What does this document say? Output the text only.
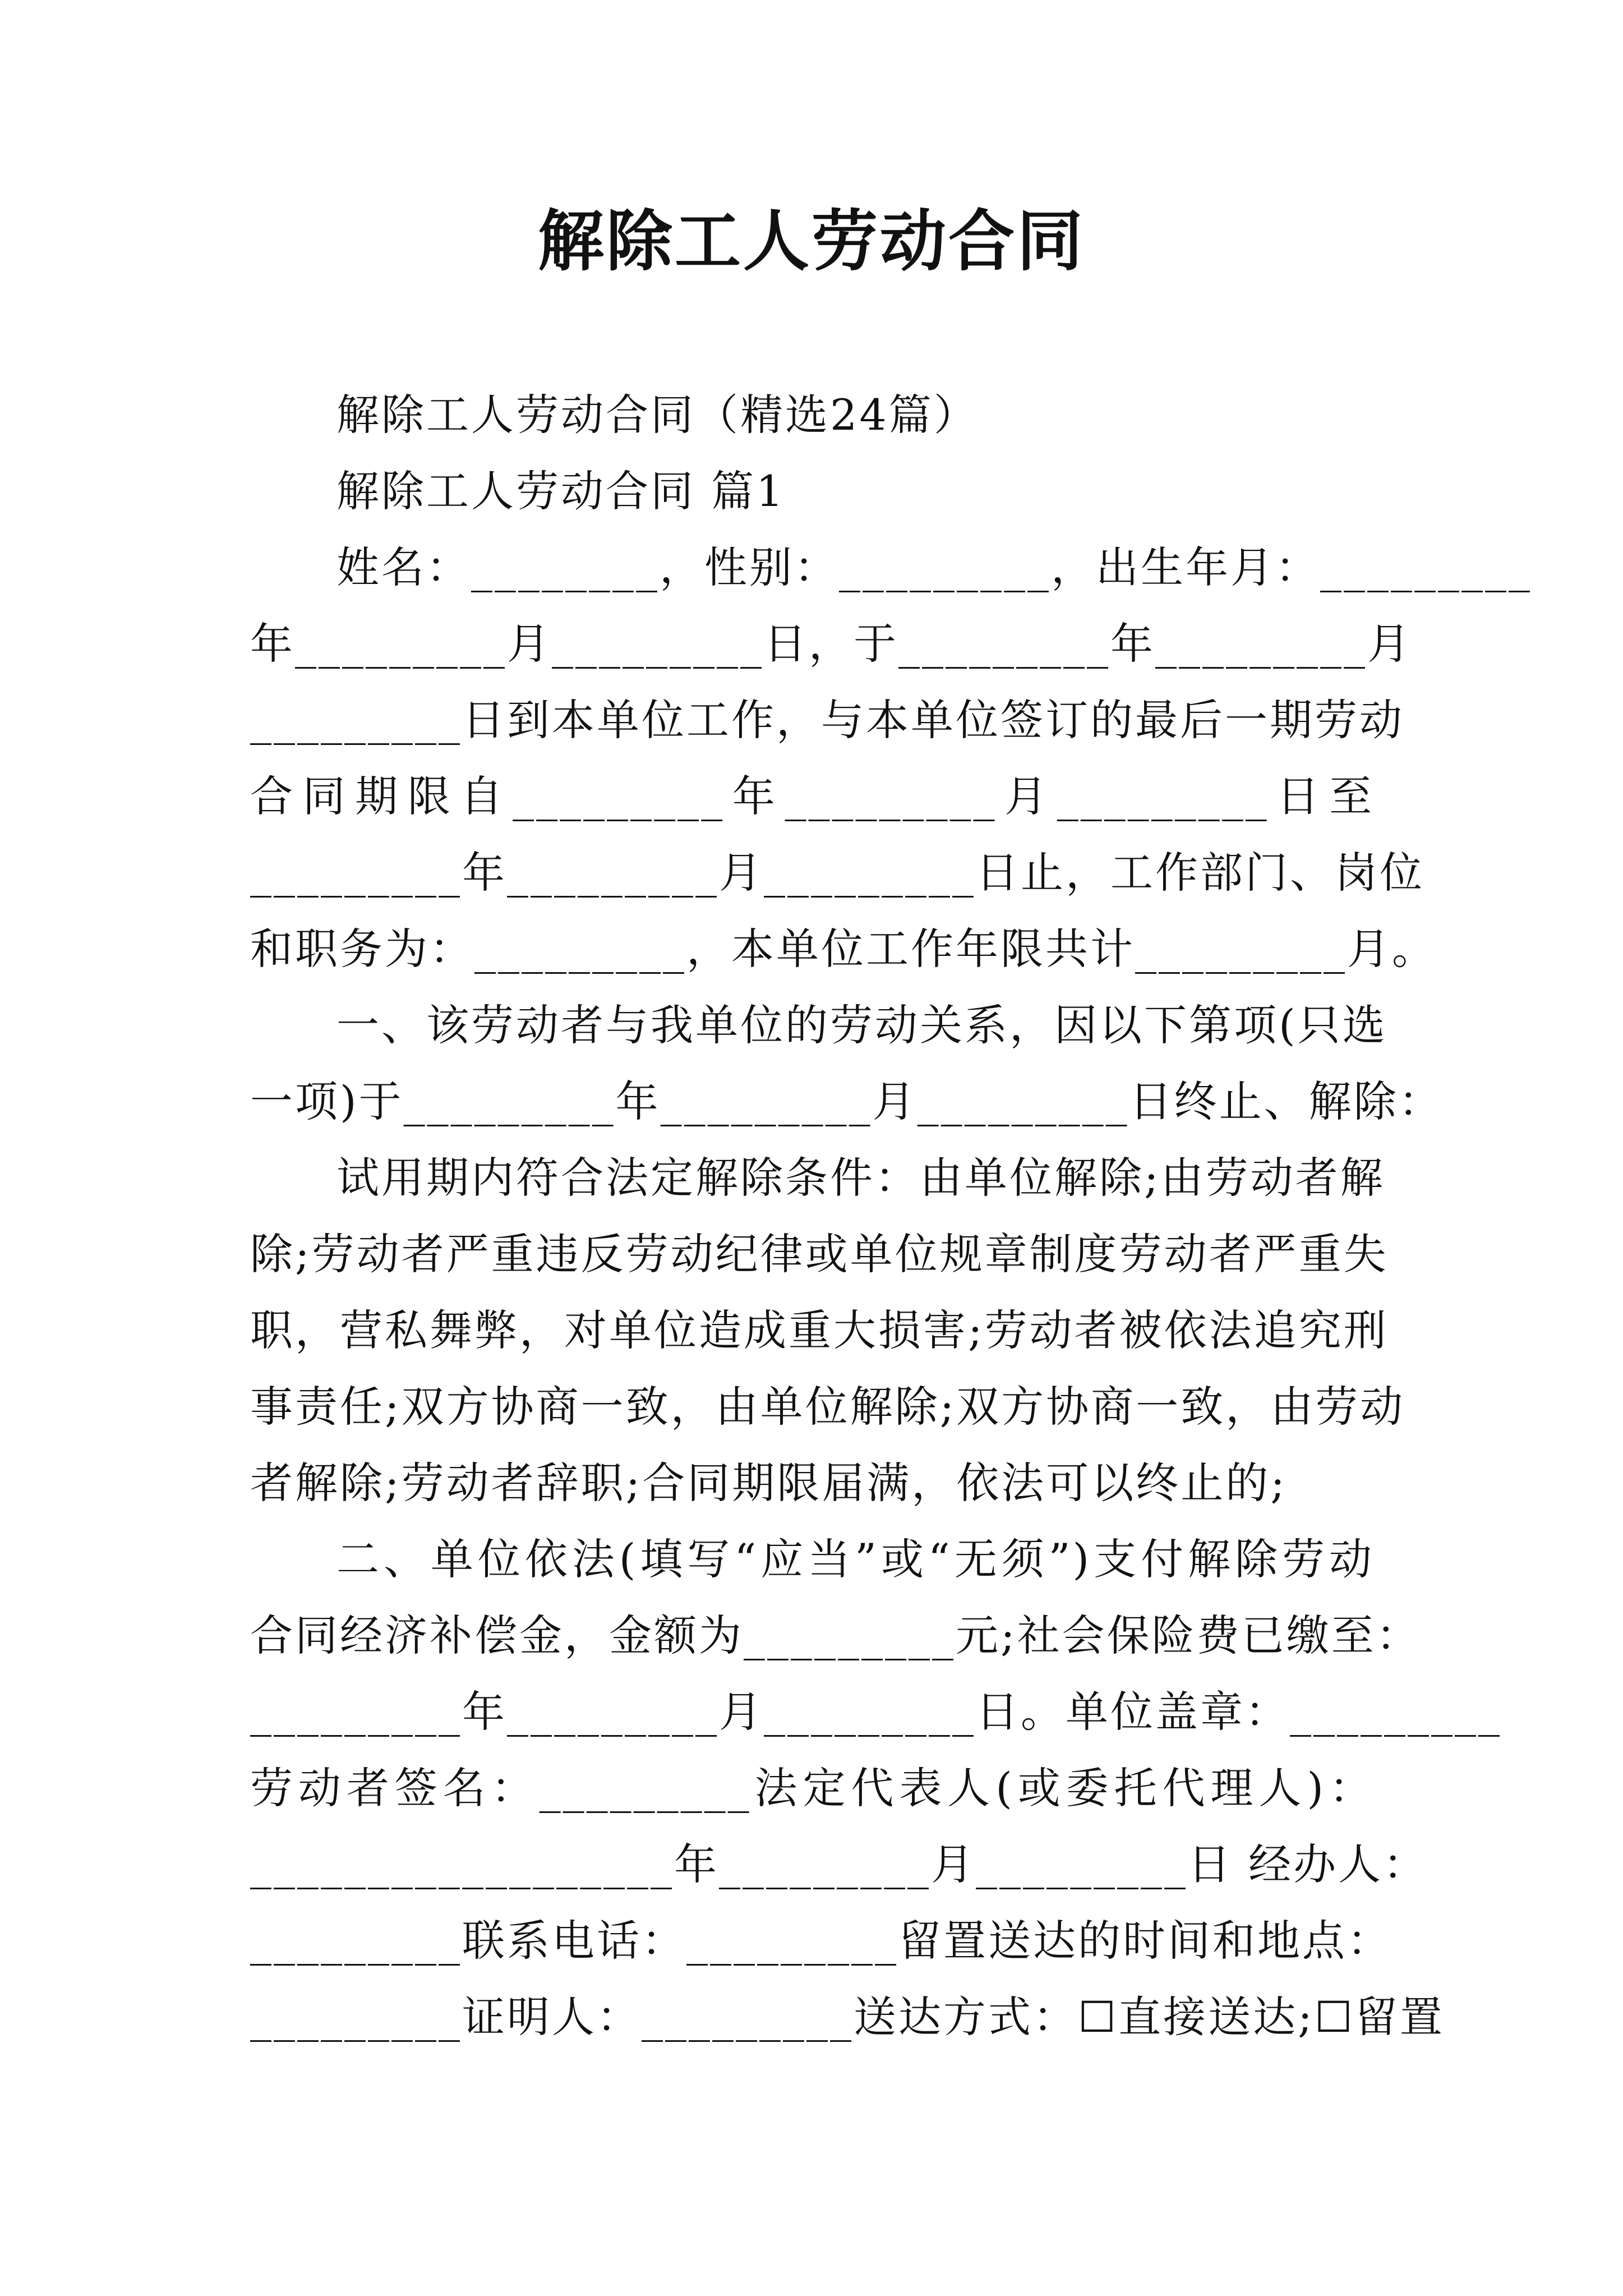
解除工人劳动合同
解除工人劳动合同（精选24篇）
解除工人劳动合同 篇1
姓名：________，性别：_________，出生年月：_________
年_________月_________日，于_________年_________月
_________日到本单位工作，与本单位签订的最后一期劳动
合同期限自_________年_________月_________日至
_________年_________月_________日止，工作部门、岗位
和职务为：_________，本单位工作年限共计_________月。
一、该劳动者与我单位的劳动关系，因以下第项(只选
一项)于_________年_________月_________日终止、解除：
试用期内符合法定解除条件：由单位解除;由劳动者解
除;劳动者严重违反劳动纪律或单位规章制度劳动者严重失
职，营私舞弊，对单位造成重大损害;劳动者被依法追究刑
事责任;双方协商一致，由单位解除;双方协商一致，由劳动
者解除;劳动者辞职;合同期限届满，依法可以终止的;
二、单位依法(填写“应当”或“无须”)支付解除劳动
合同经济补偿金，金额为_________元;社会保险费已缴至：
_________年_________月_________日。单位盖章：_________
劳动者签名：_________法定代表人(或委托代理人)：
__________________年_________月_________日 经办人：
_________联系电话：_________留置送达的时间和地点：
_________证明人：_________送达方式：☐直接送达;☐留置
